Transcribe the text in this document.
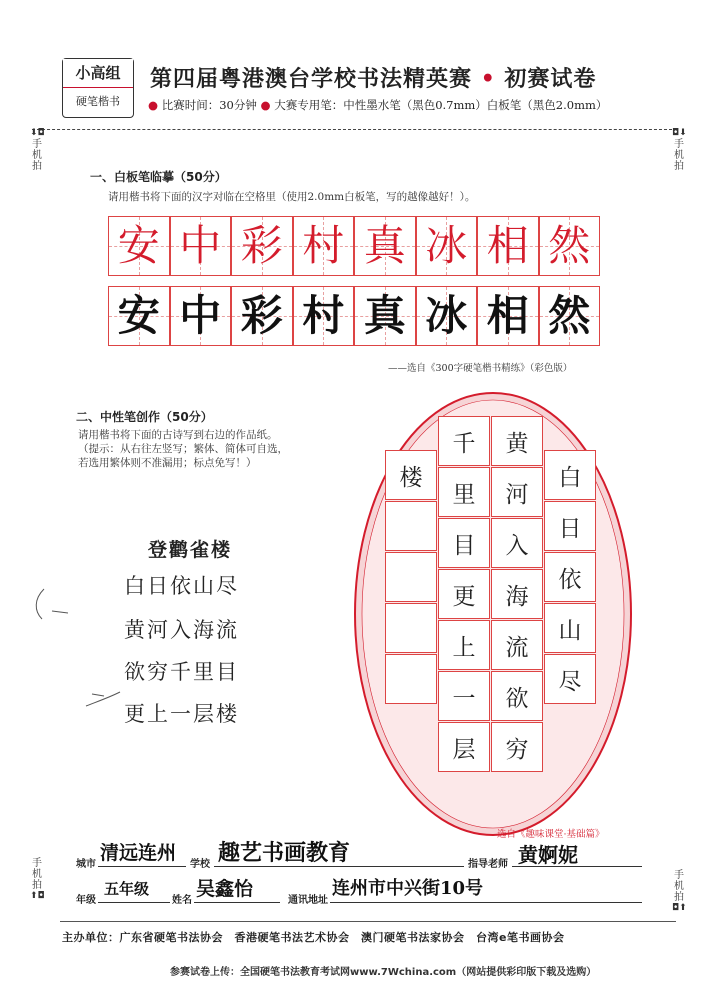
小高组
硬笔楷书
第四届粤港澳台学校书法精英赛 • 初赛试卷
● 比赛时间：30分钟 ● 大赛专用笔：中性墨水笔（黑色0.7mm）白板笔（黑色2.0mm）
⬇◘
手机拍
◘⬇
手机拍
手机拍
⬆◘
手机拍
◘⬆
一、白板笔临摹（50分）
请用楷书将下面的汉字对临在空格里（使用2.0mm白板笔，写的越像越好！）。
安 中 彩 村 真 冰 相 然
安 中 彩 村 真 冰 相 然
——选自《300字硬笔楷书精练》（彩色版）
二、中性笔创作（50分）
请用楷书将下面的古诗写到右边的作品纸。
（提示：从右往左竖写；繁体、简体可自选，
若选用繁体则不准漏用；标点免写！）
登鹳雀楼
白日依山尽
黄河入海流
欲穷千里目
更上一层楼
白
日
依
山
尽
黄
河
入
海
流
欲
穷
千
里
目
更
上
一
层
楼
——选自《趣味课堂·基础篇》
城市
清远连州
学校 趣艺书画教育	指导老师 黄婀妮
年级
五年级
姓名
吴鑫怡
通讯地址
连州市中兴街10号
主办单位：广东省硬笔书法协会　香港硬笔书法艺术协会　澳门硬笔书法家协会　台湾e笔书画协会
参赛试卷上传：全国硬笔书法教育考试网www.7Wchina.com（网站提供彩印版下载及选购）
